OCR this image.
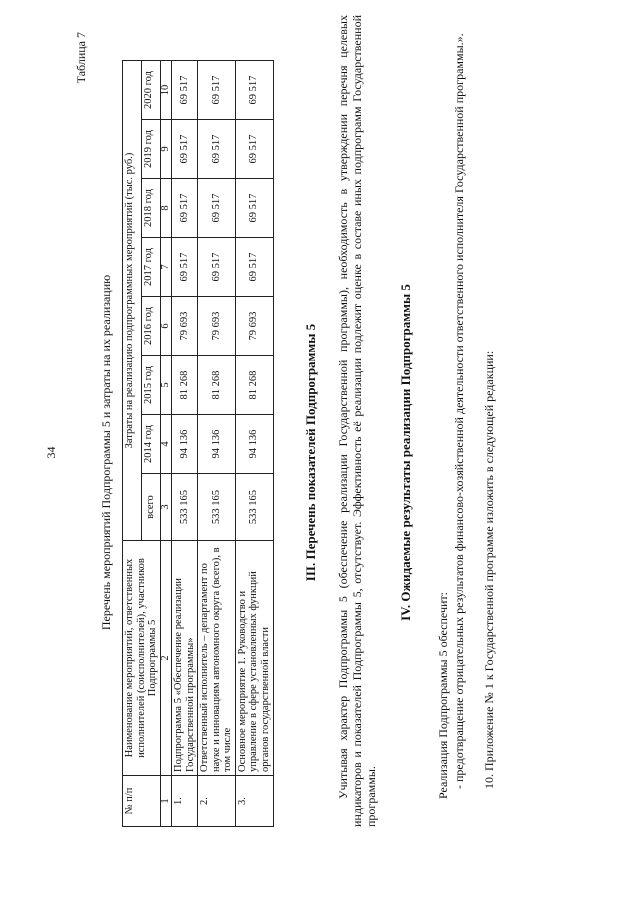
34
Таблица 7
Перечень мероприятий Подпрограммы 5 и затраты на их реализацию
№ п/п	Наименование мероприятий, ответственных исполнителей (соисполнителей), участников Подпрограммы 5	Затраты на реализацию подпрограммных мероприятий (тыс. руб.)							
		всего	2014 год	2015 год	2016 год	2017 год	2018 год	2019 год	2020 год
1	2	3	4	5	6	7	8	9	10
1.	Подпрограмма 5 «Обеспечение реализации Государственной программы»	533 165	94 136	81 268	79 693	69 517	69 517	69 517	69 517
2.	Ответственный исполнитель – департамент по науке и инновациям автономного округа (всего), в том числе	533 165	94 136	81 268	79 693	69 517	69 517	69 517	69 517
3.	Основное мероприятие 1. Руководство и управление в сфере установленных функций органов государственной власти	533 165	94 136	81 268	79 693	69 517	69 517	69 517	69 517
III. Перечень показателей Подпрограммы 5 Учитывая характер Подпрограммы 5 (обеспечение реализации Государственной программы), необходимость в утверждении перечня целевых индикаторов и показателей Подпрограммы 5, отсутствует. Эффективность её реализации подлежит оценке в составе иных подпрограмм Государственной программы.
IV. Ожидаемые результаты реализации Подпрограммы 5
Реализация Подпрограммы 5 обеспечит: - предотвращение отрицательных результатов финансово-хозяйственной деятельности ответственного исполнителя Государственной программы.». 10. Приложение № 1 к Государственной программе изложить в следующей редакции:
